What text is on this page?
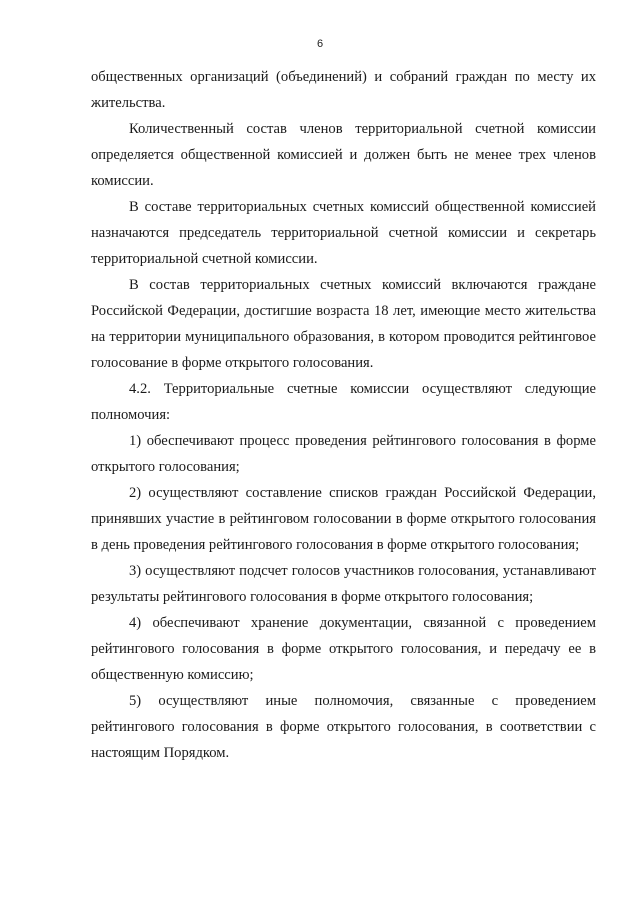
6

общественных организаций (объединений) и собраний граждан по месту их жительства.

Количественный состав членов территориальной счетной комиссии определяется общественной комиссией и должен быть не менее трех членов комиссии.

В составе территориальных счетных комиссий общественной комиссией назначаются председатель территориальной счетной комиссии и секретарь территориальной счетной комиссии.

В состав территориальных счетных комиссий включаются граждане Российской Федерации, достигшие возраста 18 лет, имеющие место жительства на территории муниципального образования, в котором проводится рейтинговое голосование в форме открытого голосования.

4.2. Территориальные счетные комиссии осуществляют следующие полномочия:

1) обеспечивают процесс проведения рейтингового голосования в форме открытого голосования;

2) осуществляют составление списков граждан Российской Федерации, принявших участие в рейтинговом голосовании в форме открытого голосования в день проведения рейтингового голосования в форме открытого голосования;

3) осуществляют подсчет голосов участников голосования, устанавливают результаты рейтингового голосования в форме открытого голосования;

4) обеспечивают хранение документации, связанной с проведением рейтингового голосования в форме открытого голосования, и передачу ее в общественную комиссию;

5) осуществляют иные полномочия, связанные с проведением рейтингового голосования в форме открытого голосования, в соответствии с настоящим Порядком.
